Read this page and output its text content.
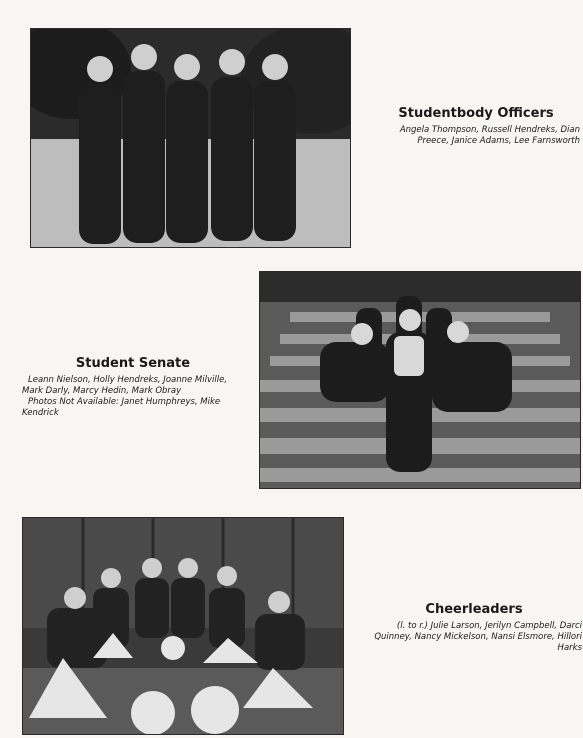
Studentbody Officers

Angela Thompson, Russell Hendreks, Dian Preece, Janice Adams, Lee Farnsworth

Student Senate

Leann Nielson, Holly Hendreks, Joanne Milville, Mark Darly, Marcy Hedin, Mark Obray

Photos Not Available: Janet Humphreys, Mike Kendrick

Cheerleaders

(l. to r.) Julie Larson, Jerilyn Campbell, Darci Quinney, Nancy Mickelson, Nansi Elsmore, Hillori Harks
